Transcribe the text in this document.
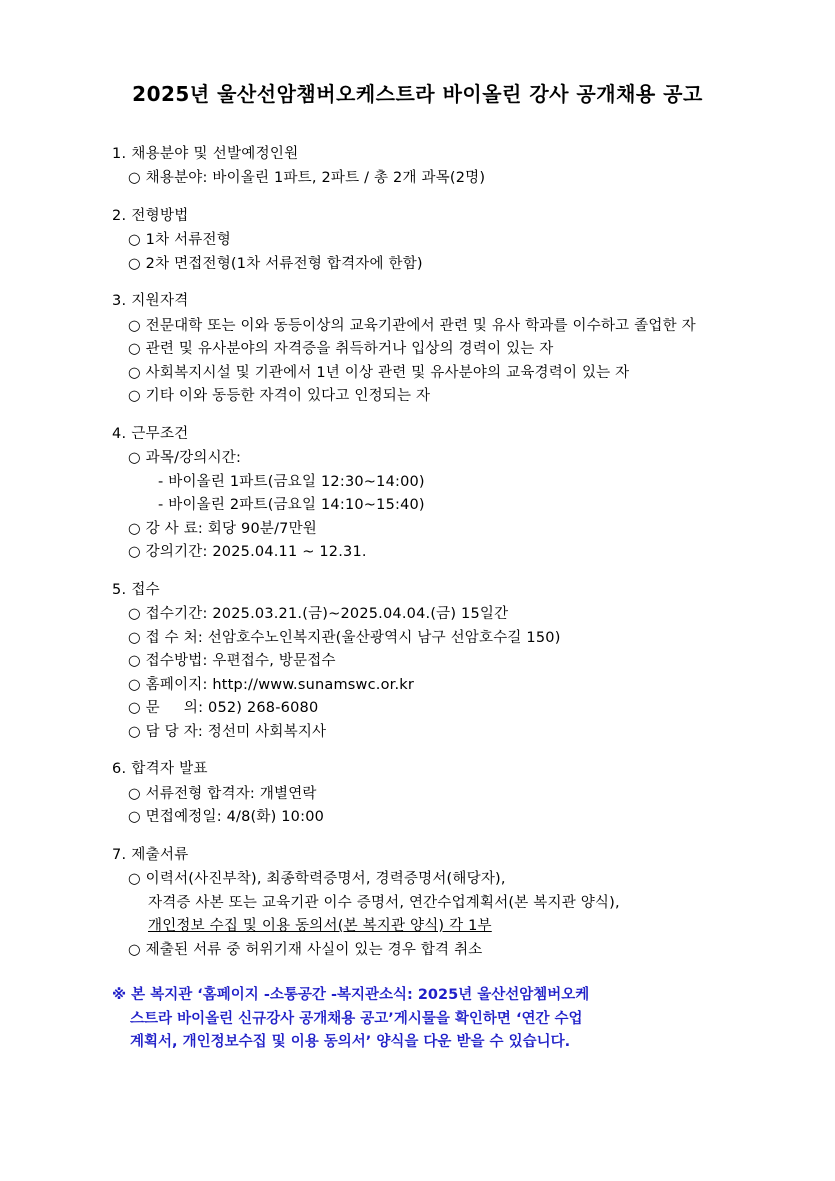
2025년 울산선암챔버오케스트라 바이올린 강사 공개채용 공고
1. 채용분야 및 선발예정인원
○ 채용분야: 바이올린 1파트, 2파트 / 총 2개 과목(2명)
2. 전형방법
○ 1차 서류전형
○ 2차 면접전형(1차 서류전형 합격자에 한함)
3. 지원자격
○ 전문대학 또는 이와 동등이상의 교육기관에서 관련 및 유사 학과를 이수하고 졸업한 자
○ 관련 및 유사분야의 자격증을 취득하거나 입상의 경력이 있는 자
○ 사회복지시설 및 기관에서 1년 이상 관련 및 유사분야의 교육경력이 있는 자
○ 기타 이와 동등한 자격이 있다고 인정되는 자
4. 근무조건
○ 과목/강의시간:
- 바이올린 1파트(금요일 12:30~14:00)
- 바이올린 2파트(금요일 14:10~15:40)
○ 강 사 료: 회당 90분/7만원
○ 강의기간: 2025.04.11 ~ 12.31.
5. 접수
○ 접수기간: 2025.03.21.(금)~2025.04.04.(금) 15일간
○ 접 수 처: 선암호수노인복지관(울산광역시 남구 선암호수길 150)
○ 접수방법: 우편접수, 방문접수
○ 홈페이지: http://www.sunamswc.or.kr
○ 문     의: 052) 268-6080
○ 담 당 자: 정선미 사회복지사
6. 합격자 발표
○ 서류전형 합격자: 개별연락
○ 면접예정일: 4/8(화) 10:00
7. 제출서류
○ 이력서(사진부착), 최종학력증명서, 경력증명서(해당자),
자격증 사본 또는 교육기관 이수 증명서, 연간수업계획서(본 복지관 양식),
개인정보 수집 및 이용 동의서(본 복지관 양식) 각 1부
○ 제출된 서류 중 허위기재 사실이 있는 경우 합격 취소
※ 본 복지관 ‘홈페이지 -소통공간 -복지관소식: 2025년 울산선암쳄버오케
스트라 바이올린 신규강사 공개채용 공고’게시물을 확인하면 ‘연간 수업
계획서, 개인정보수집 및 이용 동의서’ 양식을 다운 받을 수 있습니다.
